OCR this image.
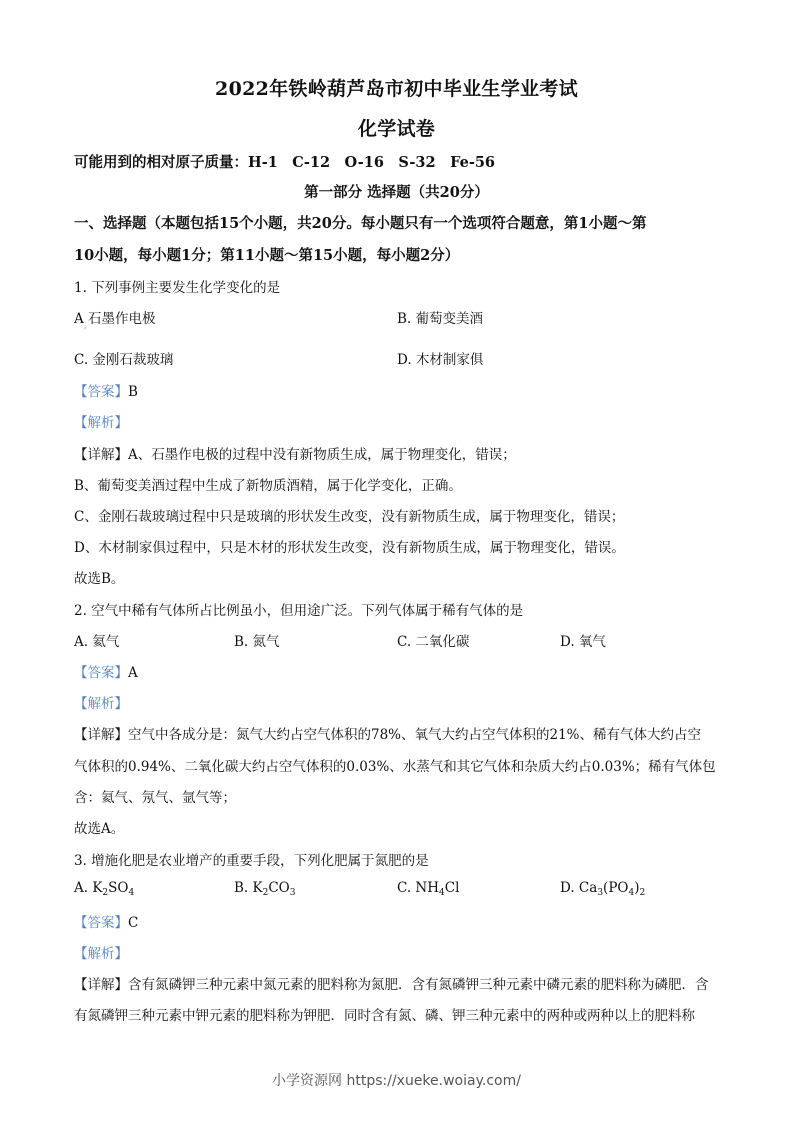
2022年铁岭葫芦岛市初中毕业生学业考试
化学试卷
可能用到的相对原子质量：H-1　C-12　O-16　S-32　Fe-56
第一部分 选择题（共20分）
一、选择题（本题包括15个小题，共20分。每小题只有一个选项符合题意，第1小题～第
10小题，每小题1分；第11小题～第15小题，每小题2分）
1. 下列事例主要发生化学变化的是
A 石墨作电极
'
B. 葡萄变美酒
C. 金刚石裁玻璃	D. 木材制家俱
【答案】B
【解析】
【详解】A、石墨作电极的过程中没有新物质生成，属于物理变化，错误；
B、葡萄变美酒过程中生成了新物质酒精，属于化学变化，正确。
C、金刚石裁玻璃过程中只是玻璃的形状发生改变，没有新物质生成，属于物理变化，错误；
D、木材制家俱过程中，只是木材的形状发生改变，没有新物质生成，属于物理变化，错误。
故选B。
2. 空气中稀有气体所占比例虽小，但用途广泛。下列气体属于稀有气体的是
A. 氦气	B. 氮气	C. 二氧化碳	D. 氧气
【答案】A
【解析】
【详解】空气中各成分是：氮气大约占空气体积的78%、氧气大约占空气体积的21%、稀有气体大约占空
气体积的0.94%、二氧化碳大约占空气体积的0.03%、水蒸气和其它气体和杂质大约占0.03%；稀有气体包
含：氦气、氖气、氩气等；
故选A。
3. 增施化肥是农业增产的重要手段，下列化肥属于氮肥的是
A. $K_2SO_4$	B. $K_2CO_3$	C. $NH_4Cl$	D. $Ca_3(PO_4)_2$
【答案】C
【解析】
【详解】含有氮磷钾三种元素中氮元素的肥料称为氮肥．含有氮磷钾三种元素中磷元素的肥料称为磷肥．含
有氮磷钾三种元素中钾元素的肥料称为钾肥．同时含有氮、磷、钾三种元素中的两种或两种以上的肥料称
小学资源网 https://xueke.woiay.com/
